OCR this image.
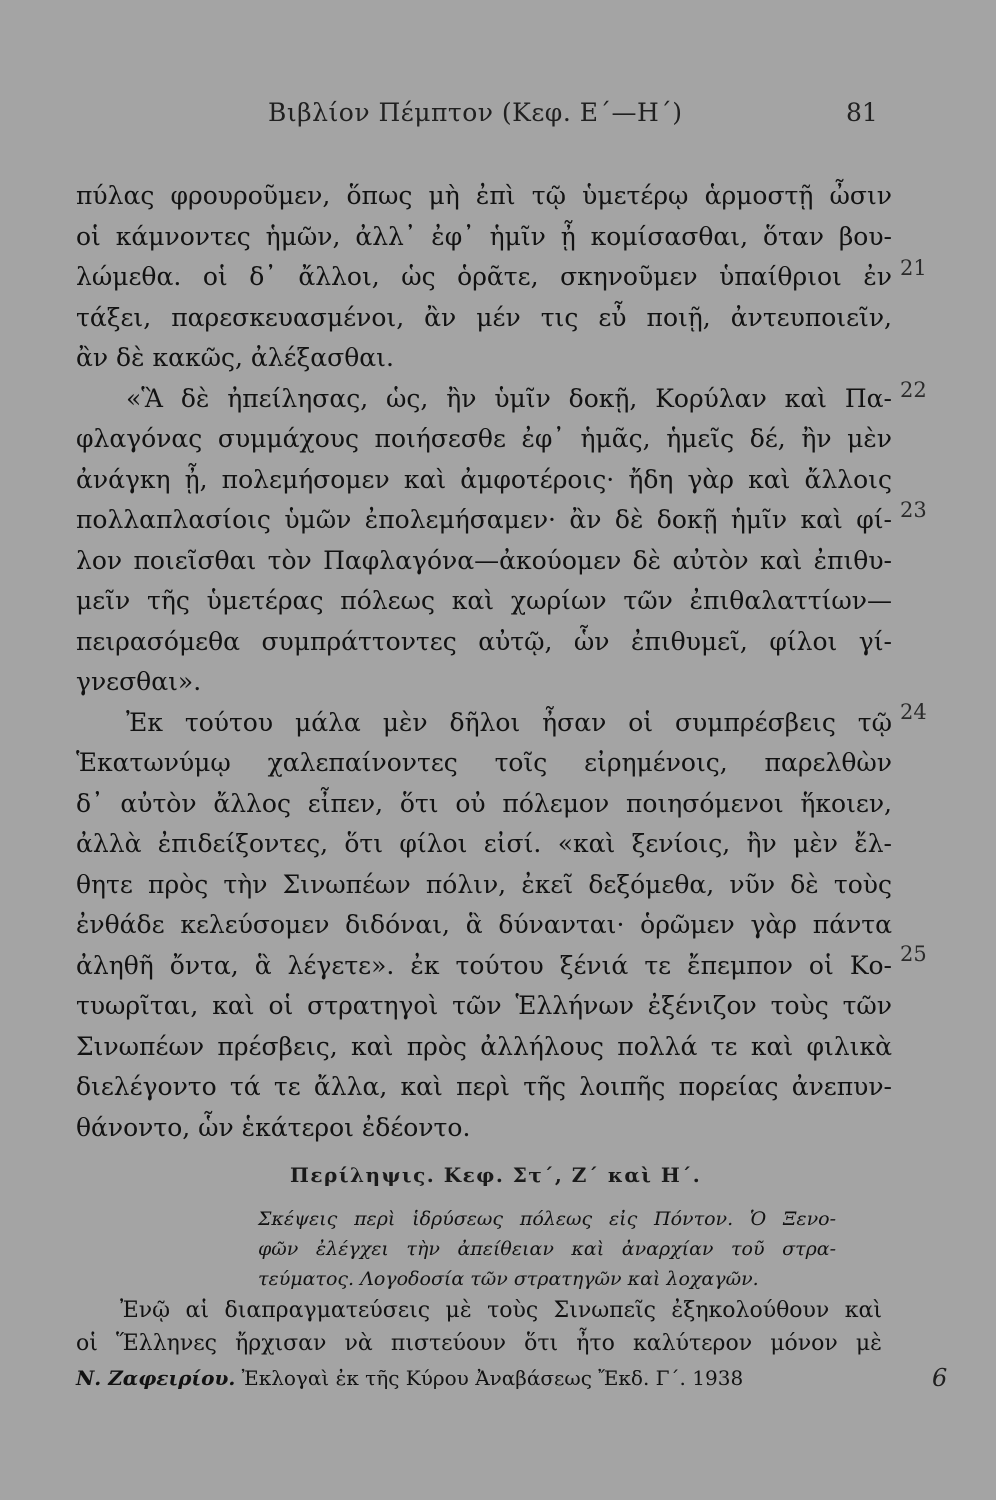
Βιβλίον Πέμπτον (Κεφ. Ε΄—Η΄)	81
πύλας φρουροῦμεν, ὅπως μὴ ἐπὶ τῷ ὑμετέρῳ ἁρμοστῇ ὦσιν
οἱ κάμνοντες ἡμῶν, ἀλλ᾽ ἐφ᾽ ἡμῖν ᾖ κομίσασθαι, ὅταν βου-
λώμεθα. οἱ δ᾽ ἄλλοι, ὡς ὁρᾶτε, σκηνοῦμεν ὑπαίθριοι ἐν
τάξει, παρεσκευασμένοι, ἂν μέν τις εὖ ποιῇ, ἀντευποιεῖν,
ἂν δὲ κακῶς, ἀλέξασθαι.
«Ἃ δὲ ἠπείλησας, ὡς, ἢν ὑμῖν δοκῇ, Κορύλαν καὶ Πα-
φλαγόνας συμμάχους ποιήσεσθε ἐφ᾽ ἡμᾶς, ἡμεῖς δέ, ἢν μὲν
ἀνάγκη ᾖ, πολεμήσομεν καὶ ἀμφοτέροις· ἤδη γὰρ καὶ ἄλλοις
πολλαπλασίοις ὑμῶν ἐπολεμήσαμεν· ἂν δὲ δοκῇ ἡμῖν καὶ φί-
λον ποιεῖσθαι τὸν Παφλαγόνα—ἀκούομεν δὲ αὐτὸν καὶ ἐπιθυ-
μεῖν τῆς ὑμετέρας πόλεως καὶ χωρίων τῶν ἐπιθαλαττίων—
πειρασόμεθα συμπράττοντες αὐτῷ, ὧν ἐπιθυμεῖ, φίλοι γί-
γνεσθαι».
Ἐκ τούτου μάλα μὲν δῆλοι ἦσαν οἱ συμπρέσβεις τῷ
Ἑκατωνύμῳ χαλεπαίνοντες τοῖς εἰρημένοις, παρελθὼν
δ᾽ αὐτὸν ἄλλος εἶπεν, ὅτι οὐ πόλεμον ποιησόμενοι ἥκοιεν,
ἀλλὰ ἐπιδείξοντες, ὅτι φίλοι εἰσί. «καὶ ξενίοις, ἢν μὲν ἔλ-
θητε πρὸς τὴν Σινωπέων πόλιν, ἐκεῖ δεξόμεθα, νῦν δὲ τοὺς
ἐνθάδε κελεύσομεν διδόναι, ἃ δύνανται· ὁρῶμεν γὰρ πάντα
ἀληθῆ ὄντα, ἃ λέγετε». ἐκ τούτου ξένιά τε ἔπεμπον οἱ Κο-
τυωρῖται, καὶ οἱ στρατηγοὶ τῶν Ἑλλήνων ἐξένιζον τοὺς τῶν
Σινωπέων πρέσβεις, καὶ πρὸς ἀλλήλους πολλά τε καὶ φιλικὰ
διελέγοντο τά τε ἄλλα, καὶ περὶ τῆς λοιπῆς πορείας ἀνεπυν-
θάνοντο, ὧν ἑκάτεροι ἐδέοντο.
21
22
23
24
25
Περίληψις. Κεφ. Στ΄, Ζ΄ καὶ Η΄.
Σκέψεις περὶ ἱδρύσεως πόλεως εἰς Πόντον. Ὁ Ξενο-
φῶν ἐλέγχει τὴν ἀπείθειαν καὶ ἀναρχίαν τοῦ στρα-
τεύματος. Λογοδοσία τῶν στρατηγῶν καὶ λοχαγῶν.
Ἐνῷ αἱ διαπραγματεύσεις μὲ τοὺς Σινωπεῖς ἐξηκολούθουν καὶ
οἱ Ἕλληνες ἤρχισαν νὰ πιστεύουν ὅτι ἦτο καλύτερον μόνον μὲ
Ν. Ζαφειρίου. Ἐκλογαὶ ἐκ τῆς Κύρου Ἀναβάσεως Ἔκδ. Γ΄. 1938	6
